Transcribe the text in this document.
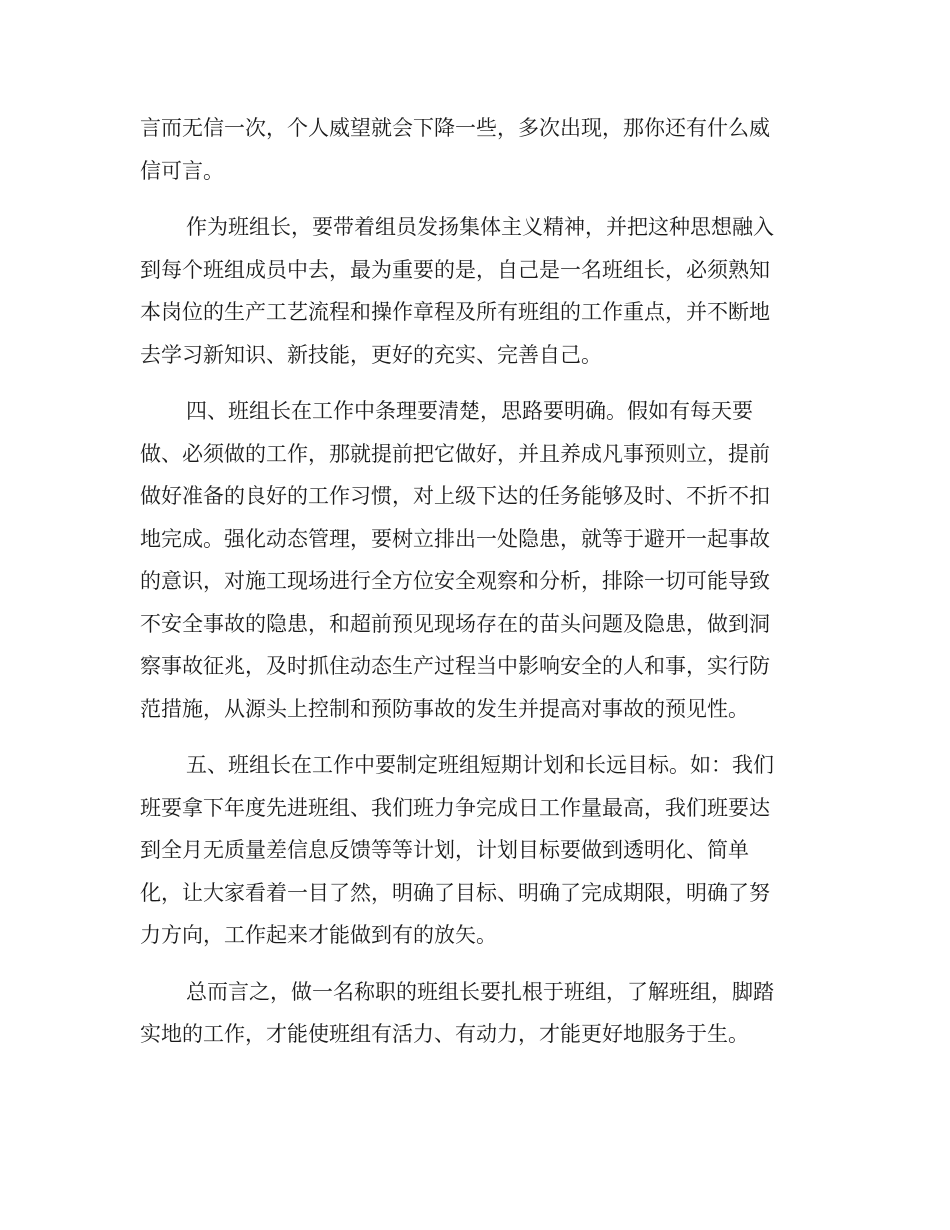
言而无信一次，个人威望就会下降一些，多次出现，那你还有什么威
信可言。

作为班组长，要带着组员发扬集体主义精神，并把这种思想融入
到每个班组成员中去，最为重要的是，自己是一名班组长，必须熟知
本岗位的生产工艺流程和操作章程及所有班组的工作重点，并不断地
去学习新知识、新技能，更好的充实、完善自己。

四、班组长在工作中条理要清楚，思路要明确。假如有每天要
做、必须做的工作，那就提前把它做好，并且养成凡事预则立，提前
做好准备的良好的工作习惯，对上级下达的任务能够及时、不折不扣
地完成。强化动态管理，要树立排出一处隐患，就等于避开一起事故
的意识，对施工现场进行全方位安全观察和分析，排除一切可能导致
不安全事故的隐患，和超前预见现场存在的苗头问题及隐患，做到洞
察事故征兆，及时抓住动态生产过程当中影响安全的人和事，实行防
范措施，从源头上控制和预防事故的发生并提高对事故的预见性。

五、班组长在工作中要制定班组短期计划和长远目标。如：我们
班要拿下年度先进班组、我们班力争完成日工作量最高，我们班要达
到全月无质量差信息反馈等等计划，计划目标要做到透明化、简单
化，让大家看着一目了然，明确了目标、明确了完成期限，明确了努
力方向，工作起来才能做到有的放矢。

总而言之，做一名称职的班组长要扎根于班组，了解班组，脚踏
实地的工作，才能使班组有活力、有动力，才能更好地服务于生。
